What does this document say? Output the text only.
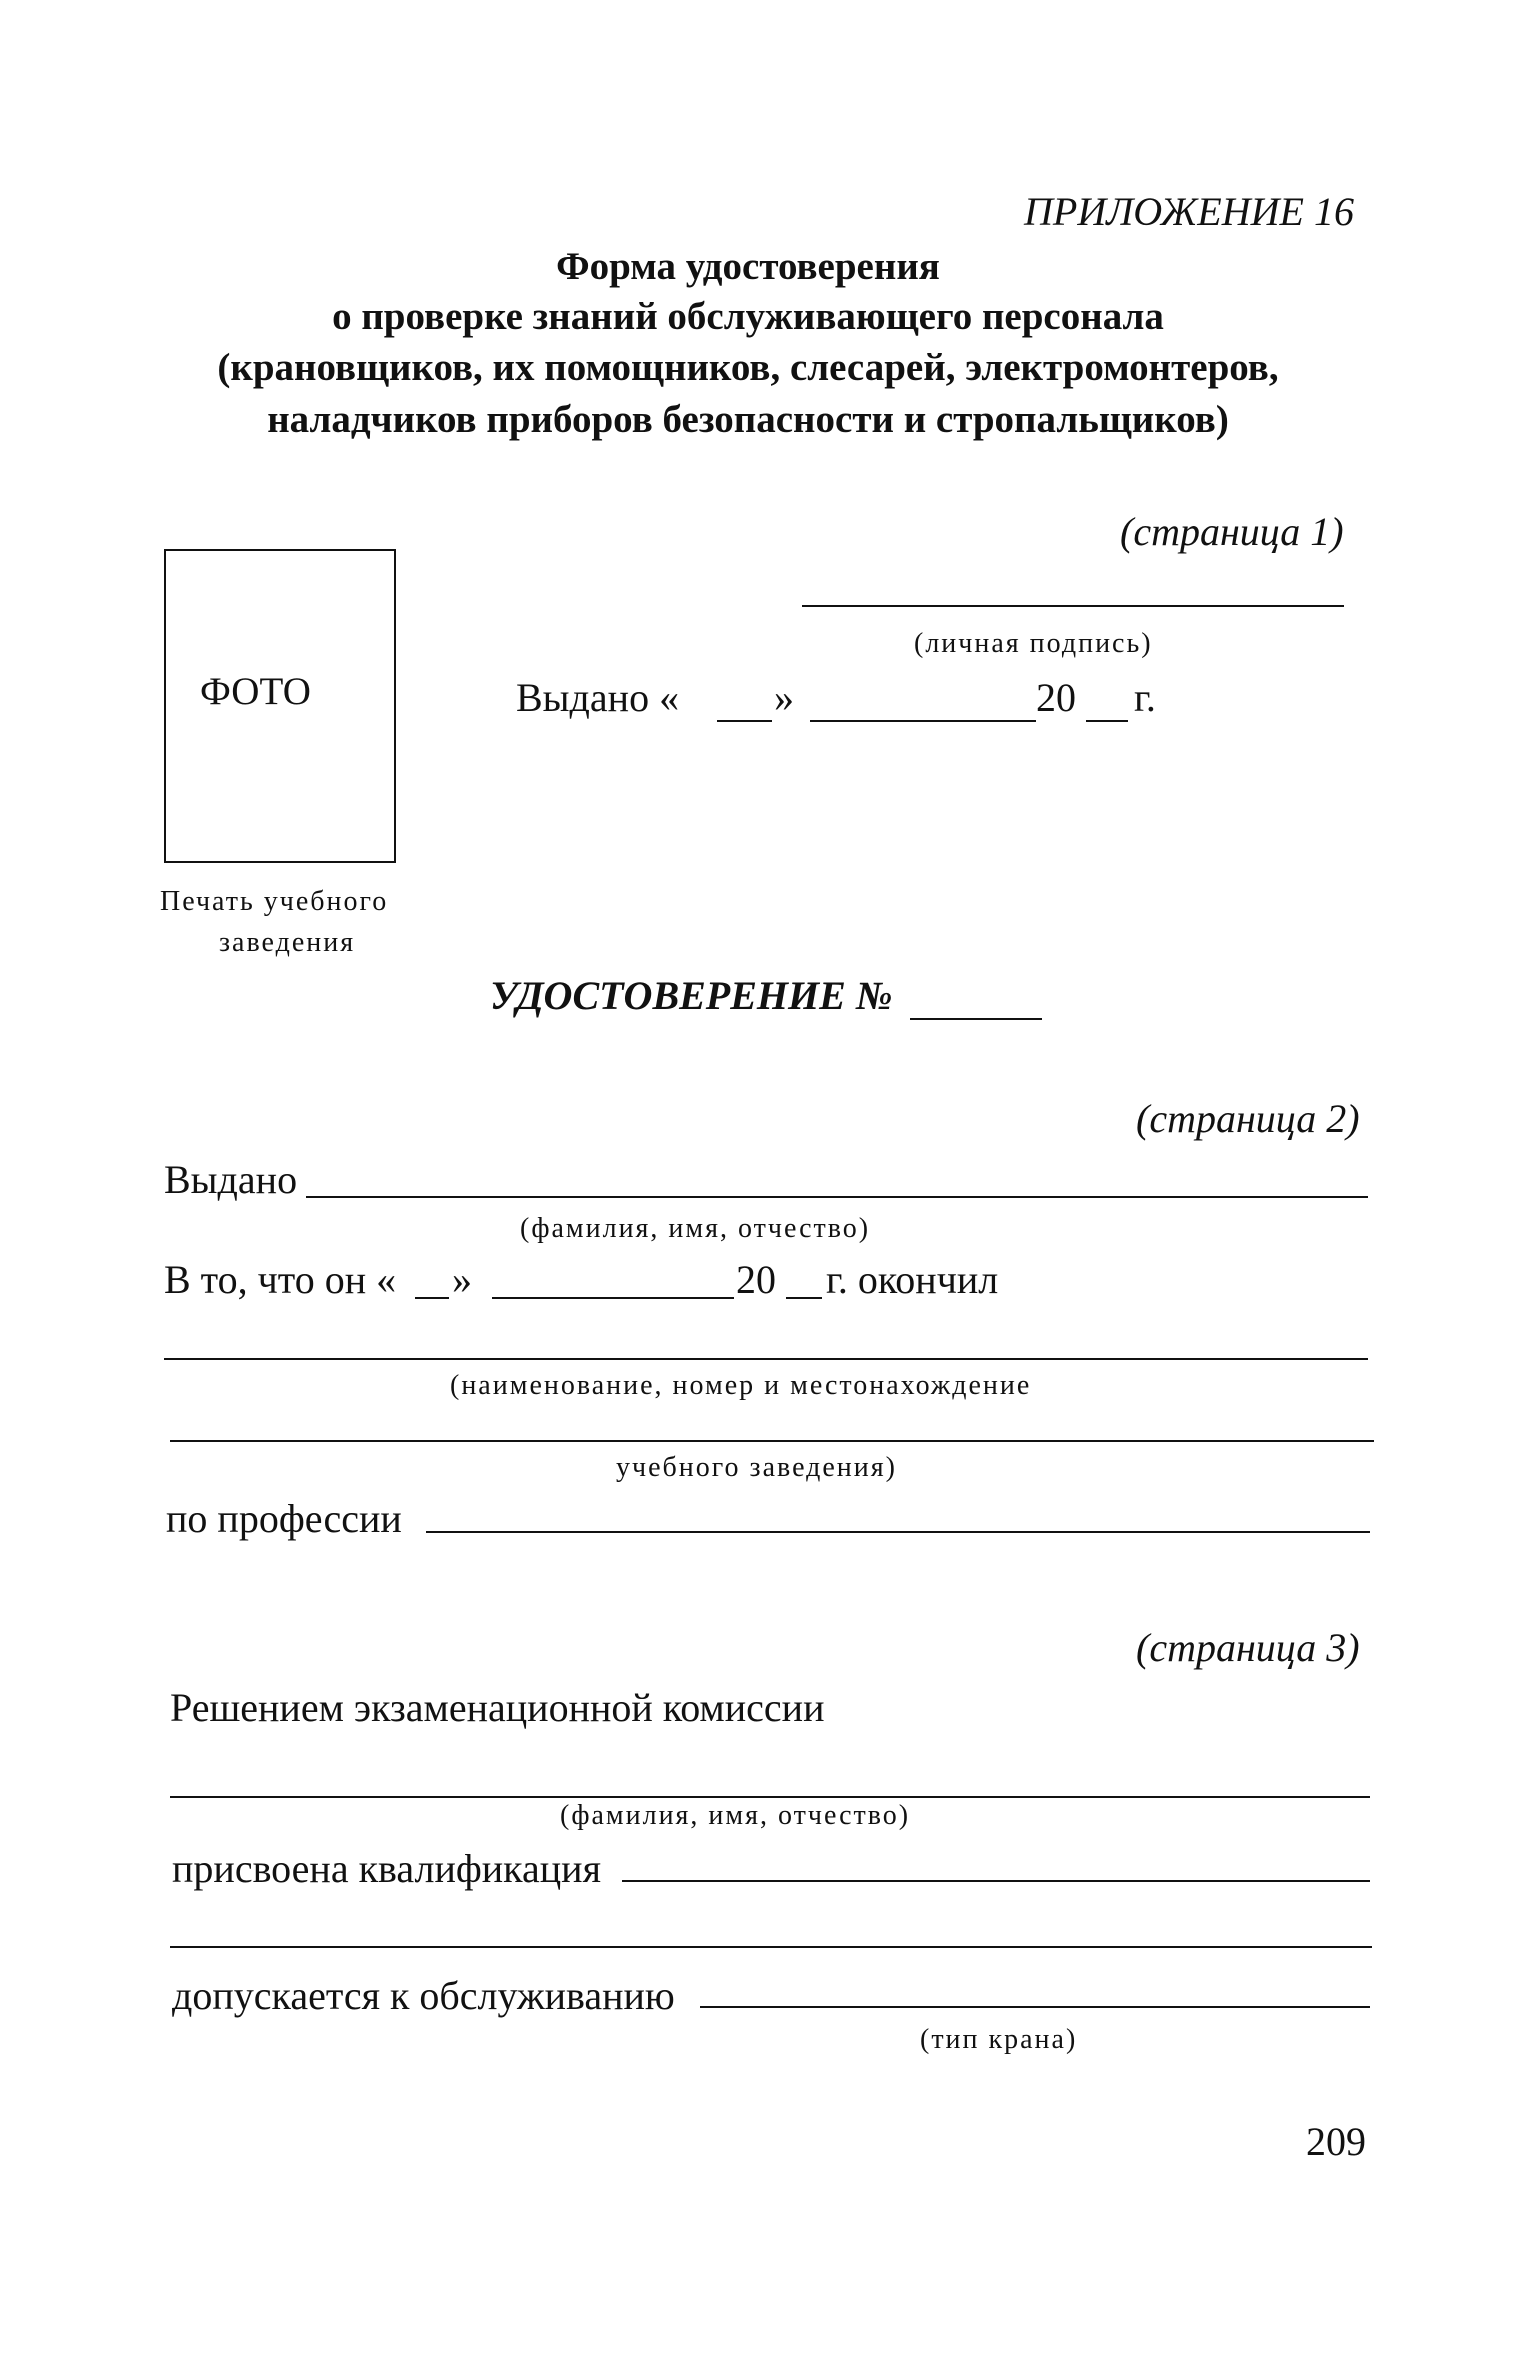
ПРИЛОЖЕНИЕ 16
Форма удостоверения
о проверке знаний обслуживающего персонала
(крановщиков, их помощников, слесарей, электромонтеров,
наладчиков приборов безопасности и стропальщиков)
(страница 1)
ФОТО
(личная подпись)
Выдано « »	20 г.
Печать учебного
заведения
УДОСТОВЕРЕНИЕ №
(страница 2)
Выдано
(фамилия, имя, отчество)
В то, что он « »	20 г. окончил
(наименование, номер и местонахождение
учебного заведения)
по профессии
(страница 3)
Решением экзаменационной комиссии
(фамилия, имя, отчество)
присвоена квалификация
допускается к обслуживанию
(тип крана)
209
